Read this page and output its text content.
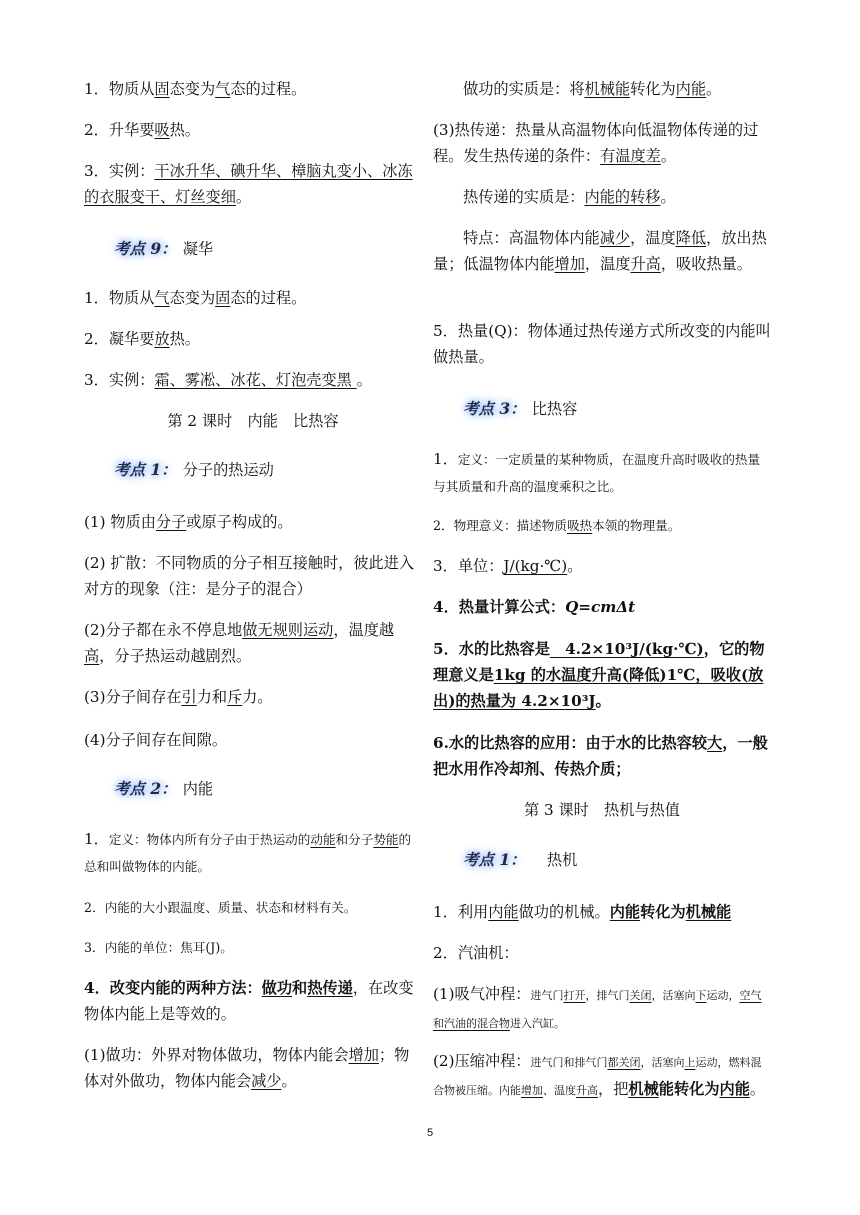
1．物质从固态变为气态的过程。
2．升华要吸热。
3．实例：干冰升华、碘升华、樟脑丸变小、冰冻的衣服变干、灯丝变细。
考点 9： 凝华
1．物质从气态变为固态的过程。
2．凝华要放热。
3．实例：霜、雾凇、冰花、灯泡壳变黑 。
第 2 课时　内能　比热容
考点 1： 分子的热运动
(1) 物质由分子或原子构成的。
(2) 扩散：不同物质的分子相互接触时，彼此进入对方的现象（注：是分子的混合）
(2)分子都在永不停息地做无规则运动，温度越高，分子热运动越剧烈。
(3)分子间存在引力和斥力。
(4)分子间存在间隙。
考点 2： 内能
1．定义：物体内所有分子由于热运动的动能和分子势能的总和叫做物体的内能。
2．内能的大小跟温度、质量、状态和材料有关。
3．内能的单位：焦耳(J)。
4．改变内能的两种方法：做功和热传递，在改变物体内能上是等效的。
(1)做功：外界对物体做功，物体内能会增加；物体对外做功，物体内能会减少。
做功的实质是：将机械能转化为内能。
(3)热传递：热量从高温物体向低温物体传递的过程。发生热传递的条件：有温度差。
热传递的实质是：内能的转移。
特点：高温物体内能减少，温度降低，放出热量；低温物体内能增加，温度升高，吸收热量。
5．热量(Q)：物体通过热传递方式所改变的内能叫做热量。
考点 3： 比热容
1．定义：一定质量的某种物质，在温度升高时吸收的热量与其质量和升高的温度乘积之比。
2．物理意义：描述物质吸热本领的物理量。
3．单位：J/(kg·℃)。
4．热量计算公式：Q=cmΔt
5．水的比热容是　4.2×10³J/(kg·℃)，它的物理意义是1kg 的水温度升高(降低)1℃，吸收(放出)的热量为 4.2×10³J。
6.水的比热容的应用：由于水的比热容较大，一般把水用作冷却剂、传热介质；
第 3 课时　热机与热值
考点 1： 　热机
1．利用内能做功的机械。内能转化为机械能
2．汽油机：
(1)吸气冲程：进气门打开，排气门关闭，活塞向下运动，空气和汽油的混合物进入汽缸。
(2)压缩冲程：进气门和排气门都关闭，活塞向上运动，燃料混合物被压缩。内能增加、温度升高，把机械能转化为内能。
5
